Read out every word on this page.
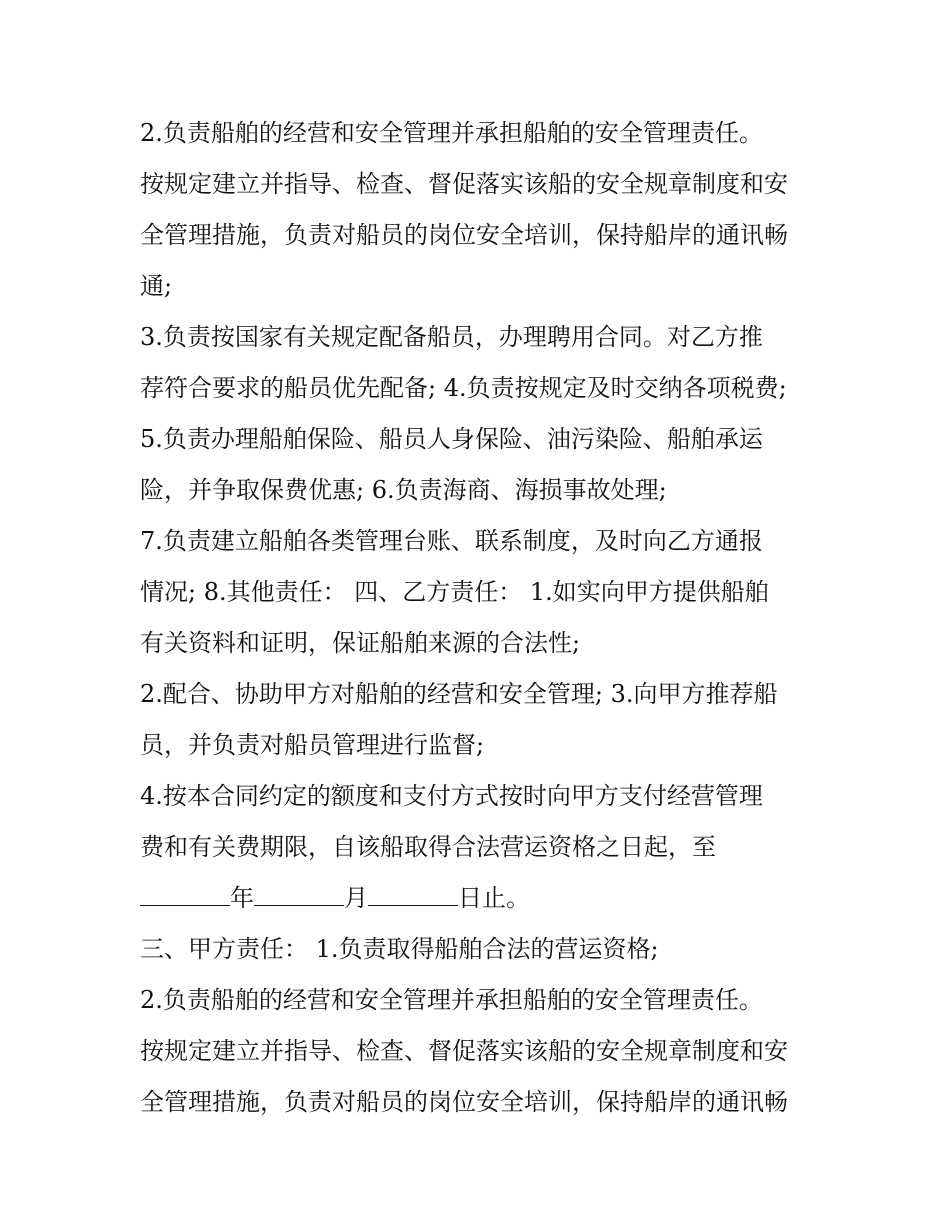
2.负责船舶的经营和安全管理并承担船舶的安全管理责任。
按规定建立并指导、检查、督促落实该船的安全规章制度和安
全管理措施，负责对船员的岗位安全培训，保持船岸的通讯畅
通;
3.负责按国家有关规定配备船员，办理聘用合同。对乙方推
荐符合要求的船员优先配备; 4.负责按规定及时交纳各项税费;
5.负责办理船舶保险、船员人身保险、油污染险、船舶承运
险，并争取保费优惠; 6.负责海商、海损事故处理;
7.负责建立船舶各类管理台账、联系制度，及时向乙方通报
情况; 8.其他责任： 四、乙方责任： 1.如实向甲方提供船舶
有关资料和证明，保证船舶来源的合法性;
2.配合、协助甲方对船舶的经营和安全管理; 3.向甲方推荐船
员，并负责对船员管理进行监督;
4.按本合同约定的额度和支付方式按时向甲方支付经营管理
费和有关费期限，自该船取得合法营运资格之日起，至
年	月	日止。
三、甲方责任： 1.负责取得船舶合法的营运资格;
2.负责船舶的经营和安全管理并承担船舶的安全管理责任。
按规定建立并指导、检查、督促落实该船的安全规章制度和安
全管理措施，负责对船员的岗位安全培训，保持船岸的通讯畅
